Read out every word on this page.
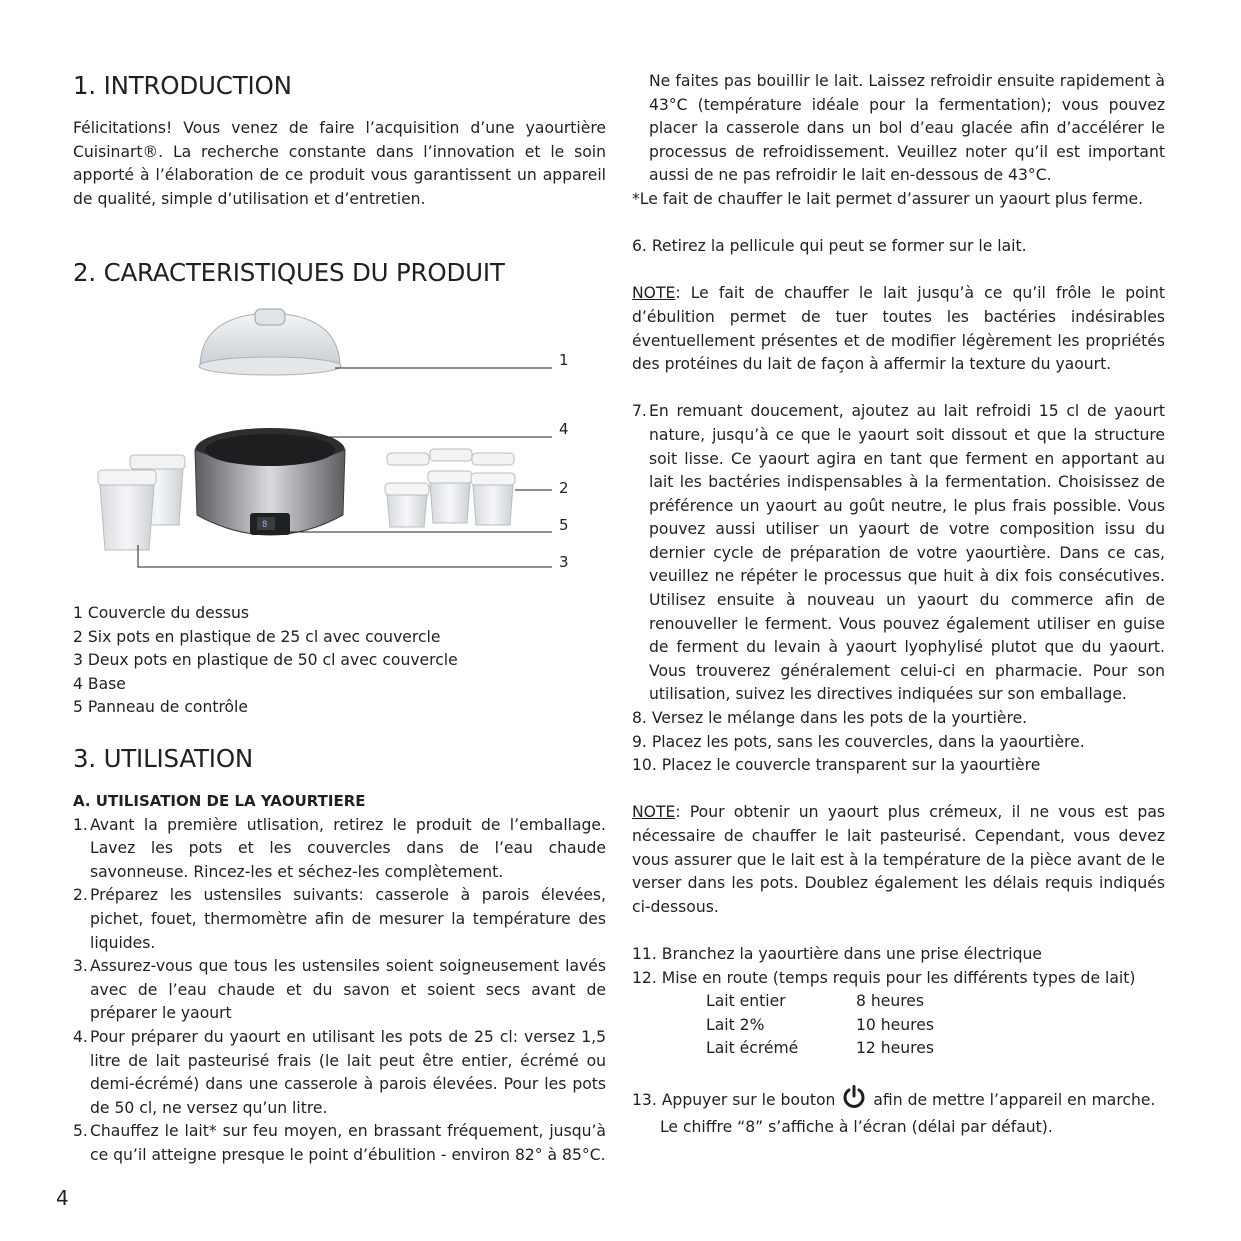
1. INTRODUCTION
Félicitations! Vous venez de faire l’acquisition d’une yaourtière Cuisinart®. La recherche constante dans l’innovation et le soin apporté à l’élaboration de ce produit vous garantissent un appareil de qualité, simple d’utilisation et d’entretien.
2. CARACTERISTIQUES DU PRODUIT
8
Cuisinart
1
4
2
5
3
1 Couvercle du dessus
2 Six pots en plastique de 25 cl avec couvercle
3 Deux pots en plastique de 50 cl avec couvercle
4 Base
5 Panneau de contrôle
3. UTILISATION
A. UTILISATION DE LA YAOURTIERE
1. Avant la première utlisation, retirez le produit de l’emballage. Lavez les pots et les couvercles dans de l’eau chaude savonneuse. Rincez-les et séchez-les complètement.
2. Préparez les ustensiles suivants: casserole à parois élevées, pichet, fouet, thermomètre afin de mesurer la température des liquides.
3. Assurez-vous que tous les ustensiles soient soigneusement lavés avec de l’eau chaude et du savon et soient secs avant de préparer le yaourt
4. Pour préparer du yaourt en utilisant les pots de 25 cl: versez 1,5 litre de lait pasteurisé frais (le lait peut être entier, écrémé ou demi-écrémé) dans une casserole à parois élevées. Pour les pots de 50 cl, ne versez qu’un litre.
5. Chauffez le lait* sur feu moyen, en brassant fréquement, jusqu’à ce qu’il atteigne presque le point d’ébulition - environ 82° à 85°C.
4
Ne faites pas bouillir le lait. Laissez refroidir ensuite rapidement à 43°C (température idéale pour la fermentation); vous pouvez placer la casserole dans un bol d’eau glacée afin d’accélérer le processus de refroidissement. Veuillez noter qu’il est important aussi de ne pas refroidir le lait en-dessous de 43°C.
*Le fait de chauffer le lait permet d’assurer un yaourt plus ferme.
6. Retirez la pellicule qui peut se former sur le lait.
NOTE: Le fait de chauffer le lait jusqu’à ce qu’il frôle le point d’ébulition permet de tuer toutes les bactéries indésirables éventuellement présentes et de modifier légèrement les propriétés des protéines du lait de façon à affermir la texture du yaourt.
7. En remuant doucement, ajoutez au lait refroidi 15 cl de yaourt nature, jusqu’à ce que le yaourt soit dissout et que la structure soit lisse. Ce yaourt agira en tant que ferment en apportant au lait les bactéries indispensables à la fermentation. Choisissez de préférence un yaourt au goût neutre, le plus frais possible. Vous pouvez aussi utiliser un yaourt de votre composition issu du dernier cycle de préparation de votre yaourtière. Dans ce cas, veuillez ne répéter le processus que huit à dix fois consécutives. Utilisez ensuite à nouveau un yaourt du commerce afin de renouveller le ferment. Vous pouvez également utiliser en guise de ferment du levain à yaourt lyophylisé plutot que du yaourt. Vous trouverez généralement celui-ci en pharmacie. Pour son utilisation, suivez les directives indiquées sur son emballage.
8. Versez le mélange dans les pots de la yourtière.
9. Placez les pots, sans les couvercles, dans la yaourtière.
10. Placez le couvercle transparent sur la yaourtière
NOTE: Pour obtenir un yaourt plus crémeux, il ne vous est pas nécessaire de chauffer le lait pasteurisé. Cependant, vous devez vous assurer que le lait est à la température de la pièce avant de le verser dans les pots. Doublez également les délais requis indiqués ci-dessous.
11. Branchez la yaourtière dans une prise électrique
12. Mise en route (temps requis pour les différents types de lait)
Lait entier	8 heures
Lait 2%	10 heures
Lait écrémé	12 heures
13. Appuyer sur le bouton afin de mettre l’appareil en marche.
Le chiffre “8” s’affiche à l’écran (délai par défaut).
